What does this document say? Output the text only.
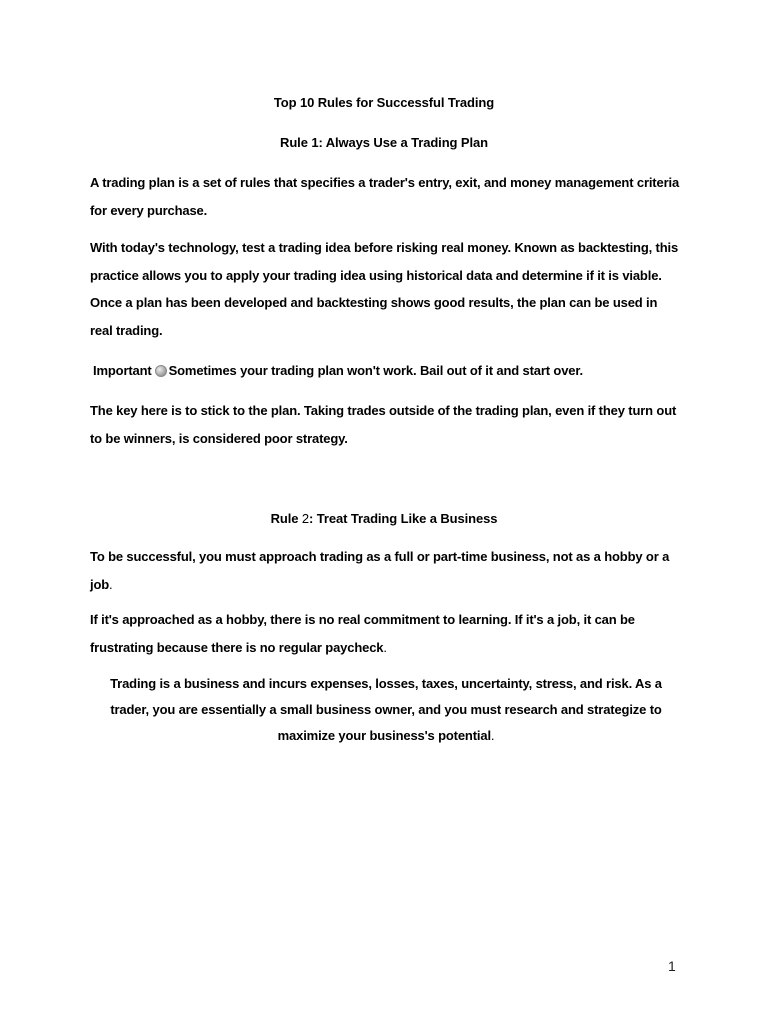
Top 10 Rules for Successful Trading
Rule 1: Always Use a Trading Plan
A trading plan is a set of rules that specifies a trader's entry, exit, and money management criteria for every purchase.
With today's technology, test a trading idea before risking real money. Known as backtesting, this practice allows you to apply your trading idea using historical data and determine if it is viable. Once a plan has been developed and backtesting shows good results, the plan can be used in real trading.
Important Sometimes your trading plan won't work. Bail out of it and start over.
The key here is to stick to the plan. Taking trades outside of the trading plan, even if they turn out to be winners, is considered poor strategy.
Rule 2: Treat Trading Like a Business
To be successful, you must approach trading as a full or part-time business, not as a hobby or a job.
If it's approached as a hobby, there is no real commitment to learning. If it's a job, it can be frustrating because there is no regular paycheck.
Trading is a business and incurs expenses, losses, taxes, uncertainty, stress, and risk. As a trader, you are essentially a small business owner, and you must research and strategize to maximize your business's potential.
1
